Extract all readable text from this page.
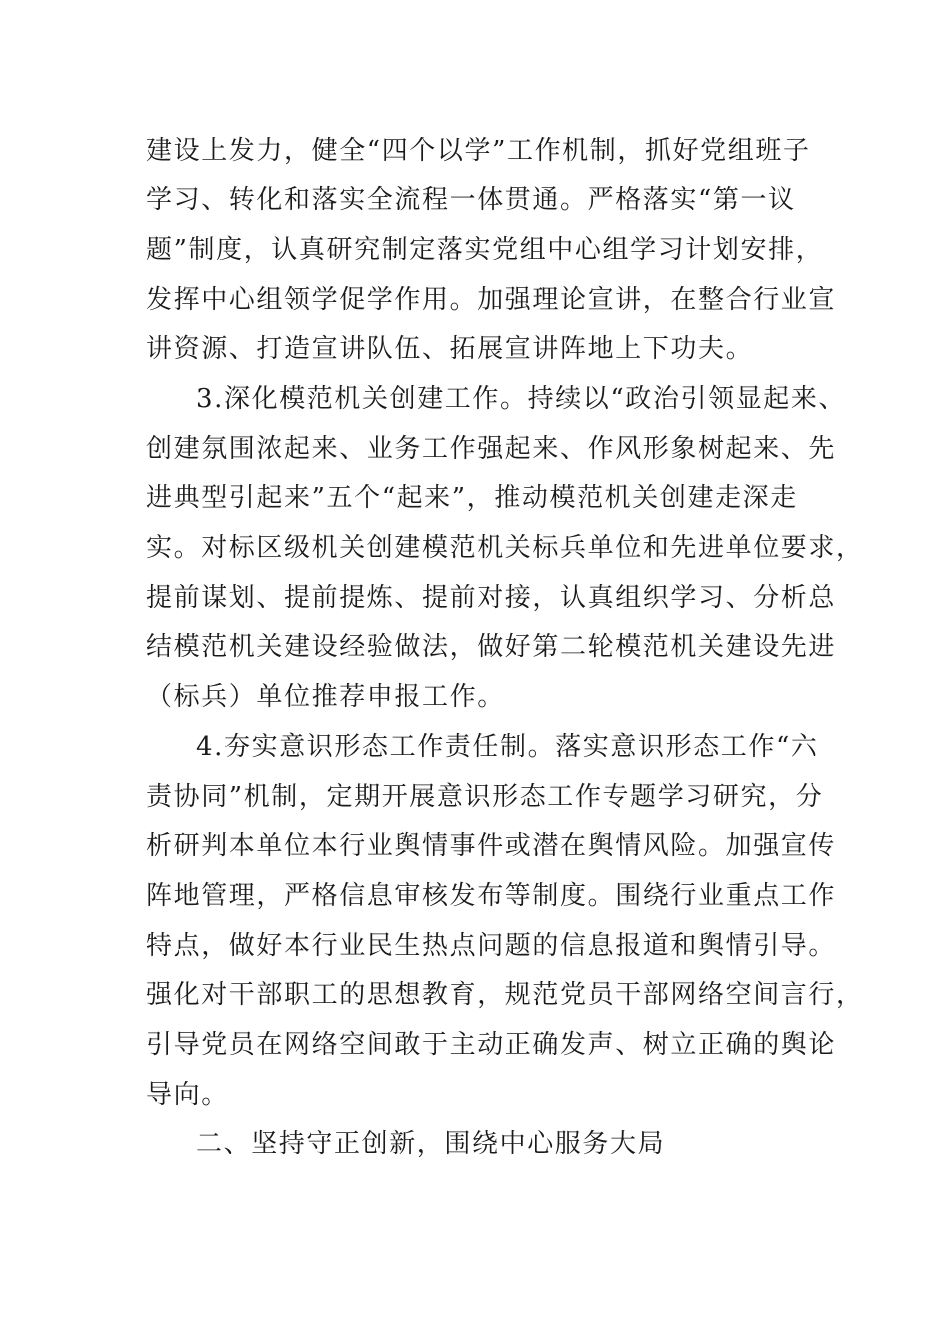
建设上发力，健全“四个以学”工作机制，抓好党组班子
学习、转化和落实全流程一体贯通。严格落实“第一议
题”制度，认真研究制定落实党组中心组学习计划安排，
发挥中心组领学促学作用。加强理论宣讲，在整合行业宣
讲资源、打造宣讲队伍、拓展宣讲阵地上下功夫。
3.深化模范机关创建工作。持续以“政治引领显起来、
创建氛围浓起来、业务工作强起来、作风形象树起来、先
进典型引起来”五个“起来”，推动模范机关创建走深走
实。对标区级机关创建模范机关标兵单位和先进单位要求，
提前谋划、提前提炼、提前对接，认真组织学习、分析总
结模范机关建设经验做法，做好第二轮模范机关建设先进
（标兵）单位推荐申报工作。
4.夯实意识形态工作责任制。落实意识形态工作“六
责协同”机制，定期开展意识形态工作专题学习研究，分
析研判本单位本行业舆情事件或潜在舆情风险。加强宣传
阵地管理，严格信息审核发布等制度。围绕行业重点工作
特点，做好本行业民生热点问题的信息报道和舆情引导。
强化对干部职工的思想教育，规范党员干部网络空间言行，
引导党员在网络空间敢于主动正确发声、树立正确的舆论
导向。
二、坚持守正创新，围绕中心服务大局
